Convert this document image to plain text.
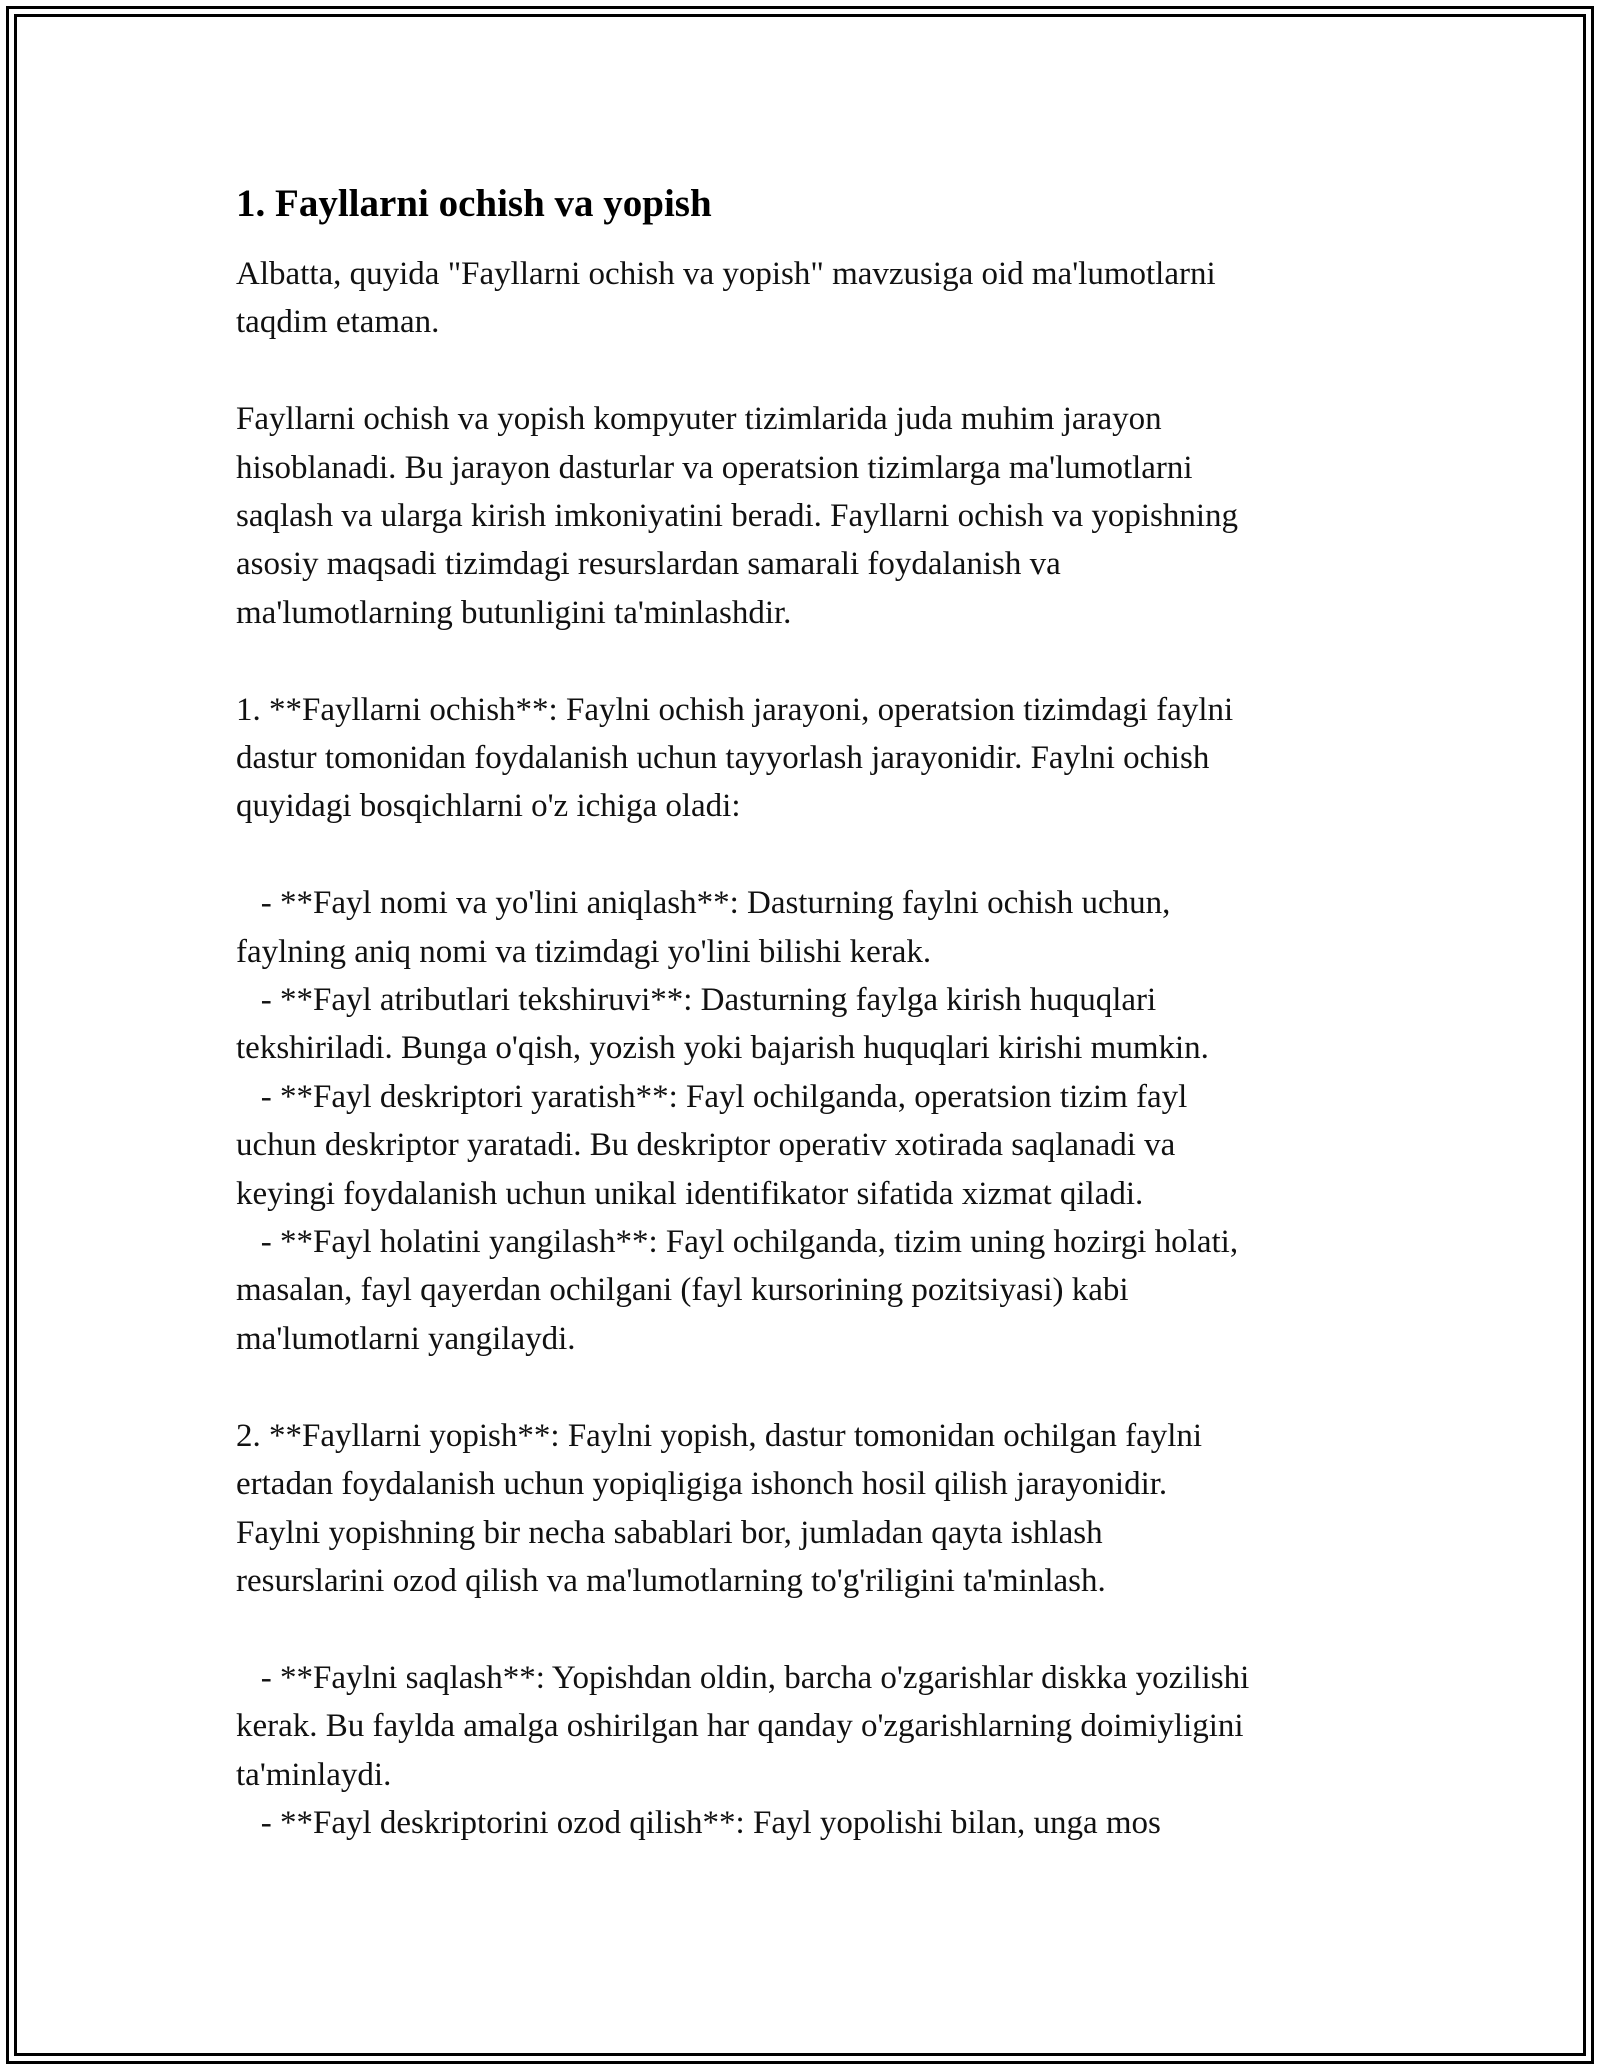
1. Fayllarni ochish va yopish
Albatta, quyida "Fayllarni ochish va yopish" mavzusiga oid ma'lumotlarni
taqdim etaman.
Fayllarni ochish va yopish kompyuter tizimlarida juda muhim jarayon
hisoblanadi. Bu jarayon dasturlar va operatsion tizimlarga ma'lumotlarni
saqlash va ularga kirish imkoniyatini beradi. Fayllarni ochish va yopishning
asosiy maqsadi tizimdagi resurslardan samarali foydalanish va
ma'lumotlarning butunligini ta'minlashdir.
1. **Fayllarni ochish**: Faylni ochish jarayoni, operatsion tizimdagi faylni
dastur tomonidan foydalanish uchun tayyorlash jarayonidir. Faylni ochish
quyidagi bosqichlarni o'z ichiga oladi:
- **Fayl nomi va yo'lini aniqlash**: Dasturning faylni ochish uchun,
faylning aniq nomi va tizimdagi yo'lini bilishi kerak.
- **Fayl atributlari tekshiruvi**: Dasturning faylga kirish huquqlari
tekshiriladi. Bunga o'qish, yozish yoki bajarish huquqlari kirishi mumkin.
- **Fayl deskriptori yaratish**: Fayl ochilganda, operatsion tizim fayl
uchun deskriptor yaratadi. Bu deskriptor operativ xotirada saqlanadi va
keyingi foydalanish uchun unikal identifikator sifatida xizmat qiladi.
- **Fayl holatini yangilash**: Fayl ochilganda, tizim uning hozirgi holati,
masalan, fayl qayerdan ochilgani (fayl kursorining pozitsiyasi) kabi
ma'lumotlarni yangilaydi.
2. **Fayllarni yopish**: Faylni yopish, dastur tomonidan ochilgan faylni
ertadan foydalanish uchun yopiqligiga ishonch hosil qilish jarayonidir.
Faylni yopishning bir necha sabablari bor, jumladan qayta ishlash
resurslarini ozod qilish va ma'lumotlarning to'g'riligini ta'minlash.
- **Faylni saqlash**: Yopishdan oldin, barcha o'zgarishlar diskka yozilishi
kerak. Bu faylda amalga oshirilgan har qanday o'zgarishlarning doimiyligini
ta'minlaydi.
- **Fayl deskriptorini ozod qilish**: Fayl yopolishi bilan, unga mos
